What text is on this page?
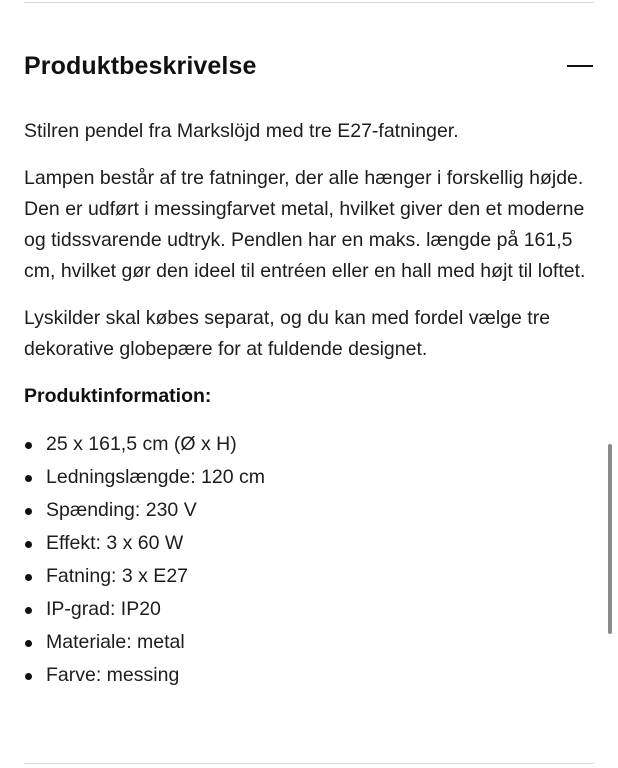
Produktbeskrivelse

Stilren pendel fra Markslöjd med tre E27-fatninger.

Lampen består af tre fatninger, der alle hænger i forskellig højde. Den er udført i messingfarvet metal, hvilket giver den et moderne og tidssvarende udtryk. Pendlen har en maks. længde på 161,5 cm, hvilket gør den ideel til entréen eller en hall med højt til loftet.

Lyskilder skal købes separat, og du kan med fordel vælge tre dekorative globepære for at fuldende designet.

Produktinformation:
25 x 161,5 cm (Ø x H)
Ledningslængde: 120 cm
Spænding: 230 V
Effekt: 3 x 60 W
Fatning: 3 x E27
IP-grad: IP20
Materiale: metal
Farve: messing
